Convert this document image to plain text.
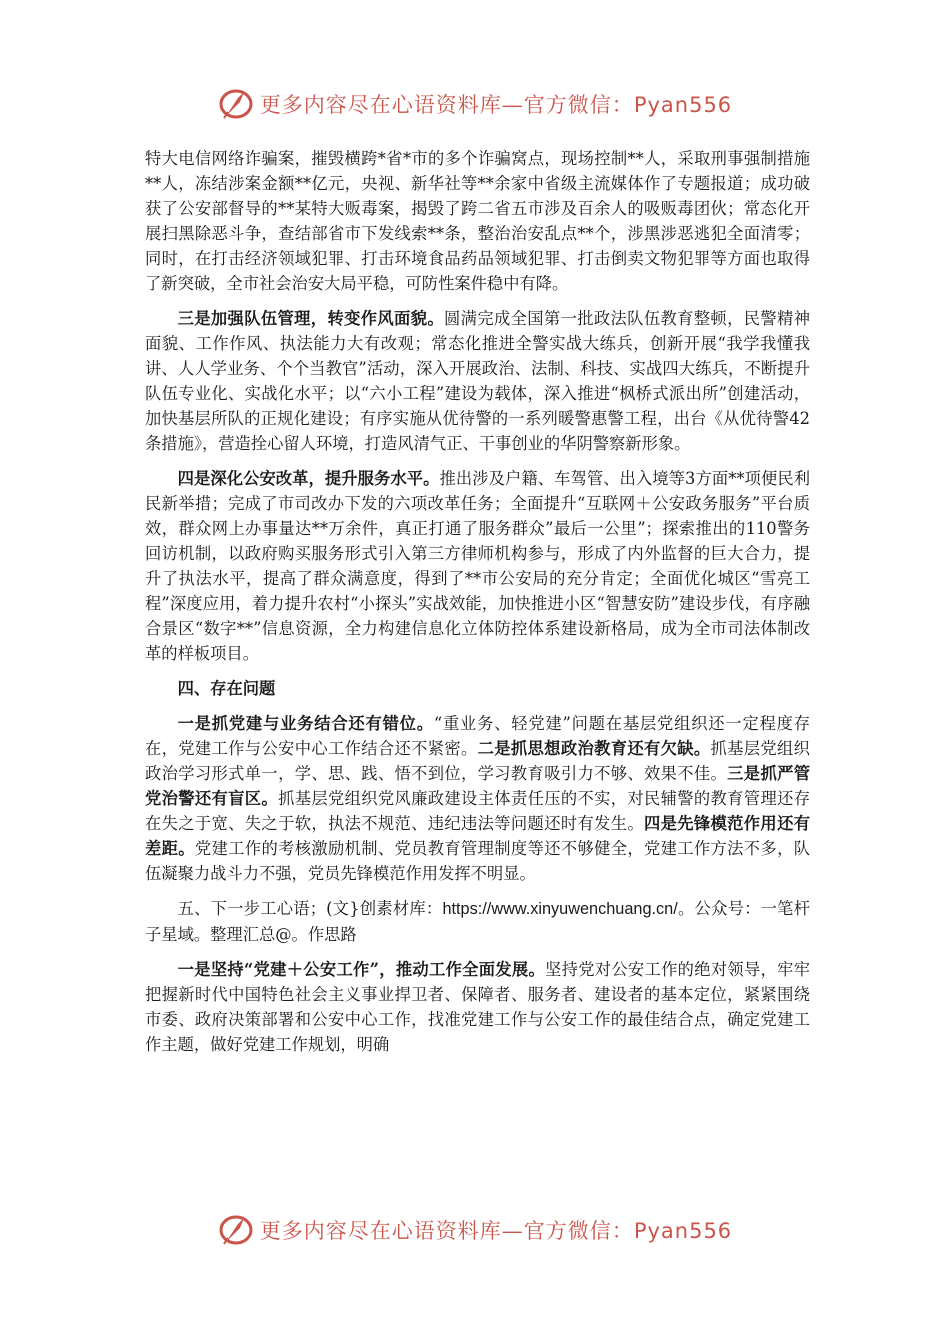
更多内容尽在心语资料库—官方微信：Pyan556

特大电信网络诈骗案，摧毁横跨*省*市的多个诈骗窝点，现场控制**人，采取刑事强制措施**人，冻结涉案金额**亿元，央视、新华社等**余家中省级主流媒体作了专题报道；成功破获了公安部督导的**某特大贩毒案，揭毁了跨二省五市涉及百余人的吸贩毒团伙；常态化开展扫黑除恶斗争，查结部省市下发线索**条，整治治安乱点**个，涉黑涉恶逃犯全面清零；同时，在打击经济领域犯罪、打击环境食品药品领域犯罪、打击倒卖文物犯罪等方面也取得了新突破，全市社会治安大局平稳，可防性案件稳中有降。

三是加强队伍管理，转变作风面貌。圆满完成全国第一批政法队伍教育整顿，民警精神面貌、工作作风、执法能力大有改观；常态化推进全警实战大练兵，创新开展“我学我懂我讲、人人学业务、个个当教官”活动，深入开展政治、法制、科技、实战四大练兵，不断提升队伍专业化、实战化水平；以“六小工程”建设为载体，深入推进“枫桥式派出所”创建活动，加快基层所队的正规化建设；有序实施从优待警的一系列暖警惠警工程，出台《从优待警42条措施》，营造拴心留人环境，打造风清气正、干事创业的华阴警察新形象。

四是深化公安改革，提升服务水平。推出涉及户籍、车驾管、出入境等3方面**项便民利民新举措；完成了市司改办下发的六项改革任务；全面提升“互联网＋公安政务服务”平台质效，群众网上办事量达**万余件，真正打通了服务群众”最后一公里”；探索推出的110警务回访机制，以政府购买服务形式引入第三方律师机构参与，形成了内外监督的巨大合力，提升了执法水平，提高了群众满意度，得到了**市公安局的充分肯定；全面优化城区“雪亮工程”深度应用，着力提升农村“小探头”实战效能，加快推进小区“智慧安防”建设步伐，有序融合景区“数字**”信息资源，全力构建信息化立体防控体系建设新格局，成为全市司法体制改革的样板项目。

四、存在问题

一是抓党建与业务结合还有错位。“重业务、轻党建”问题在基层党组织还一定程度存在，党建工作与公安中心工作结合还不紧密。二是抓思想政治教育还有欠缺。抓基层党组织政治学习形式单一，学、思、践、悟不到位，学习教育吸引力不够、效果不佳。三是抓严管党治警还有盲区。抓基层党组织党风廉政建设主体责任压的不实，对民辅警的教育管理还存在失之于宽、失之于软，执法不规范、违纪违法等问题还时有发生。四是先锋模范作用还有差距。党建工作的考核激励机制、党员教育管理制度等还不够健全，党建工作方法不多，队伍凝聚力战斗力不强，党员先锋模范作用发挥不明显。

五、下一步工心语；(文}创素材库：https://www.xinyuwenchuang.cn/。公众号：一笔杆子星域。整理汇总@。作思路

一是坚持“党建＋公安工作”，推动工作全面发展。坚持党对公安工作的绝对领导，牢牢把握新时代中国特色社会主义事业捍卫者、保障者、服务者、建设者的基本定位，紧紧围绕市委、政府决策部署和公安中心工作，找准党建工作与公安工作的最佳结合点，确定党建工作主题，做好党建工作规划，明确

更多内容尽在心语资料库—官方微信：Pyan556
